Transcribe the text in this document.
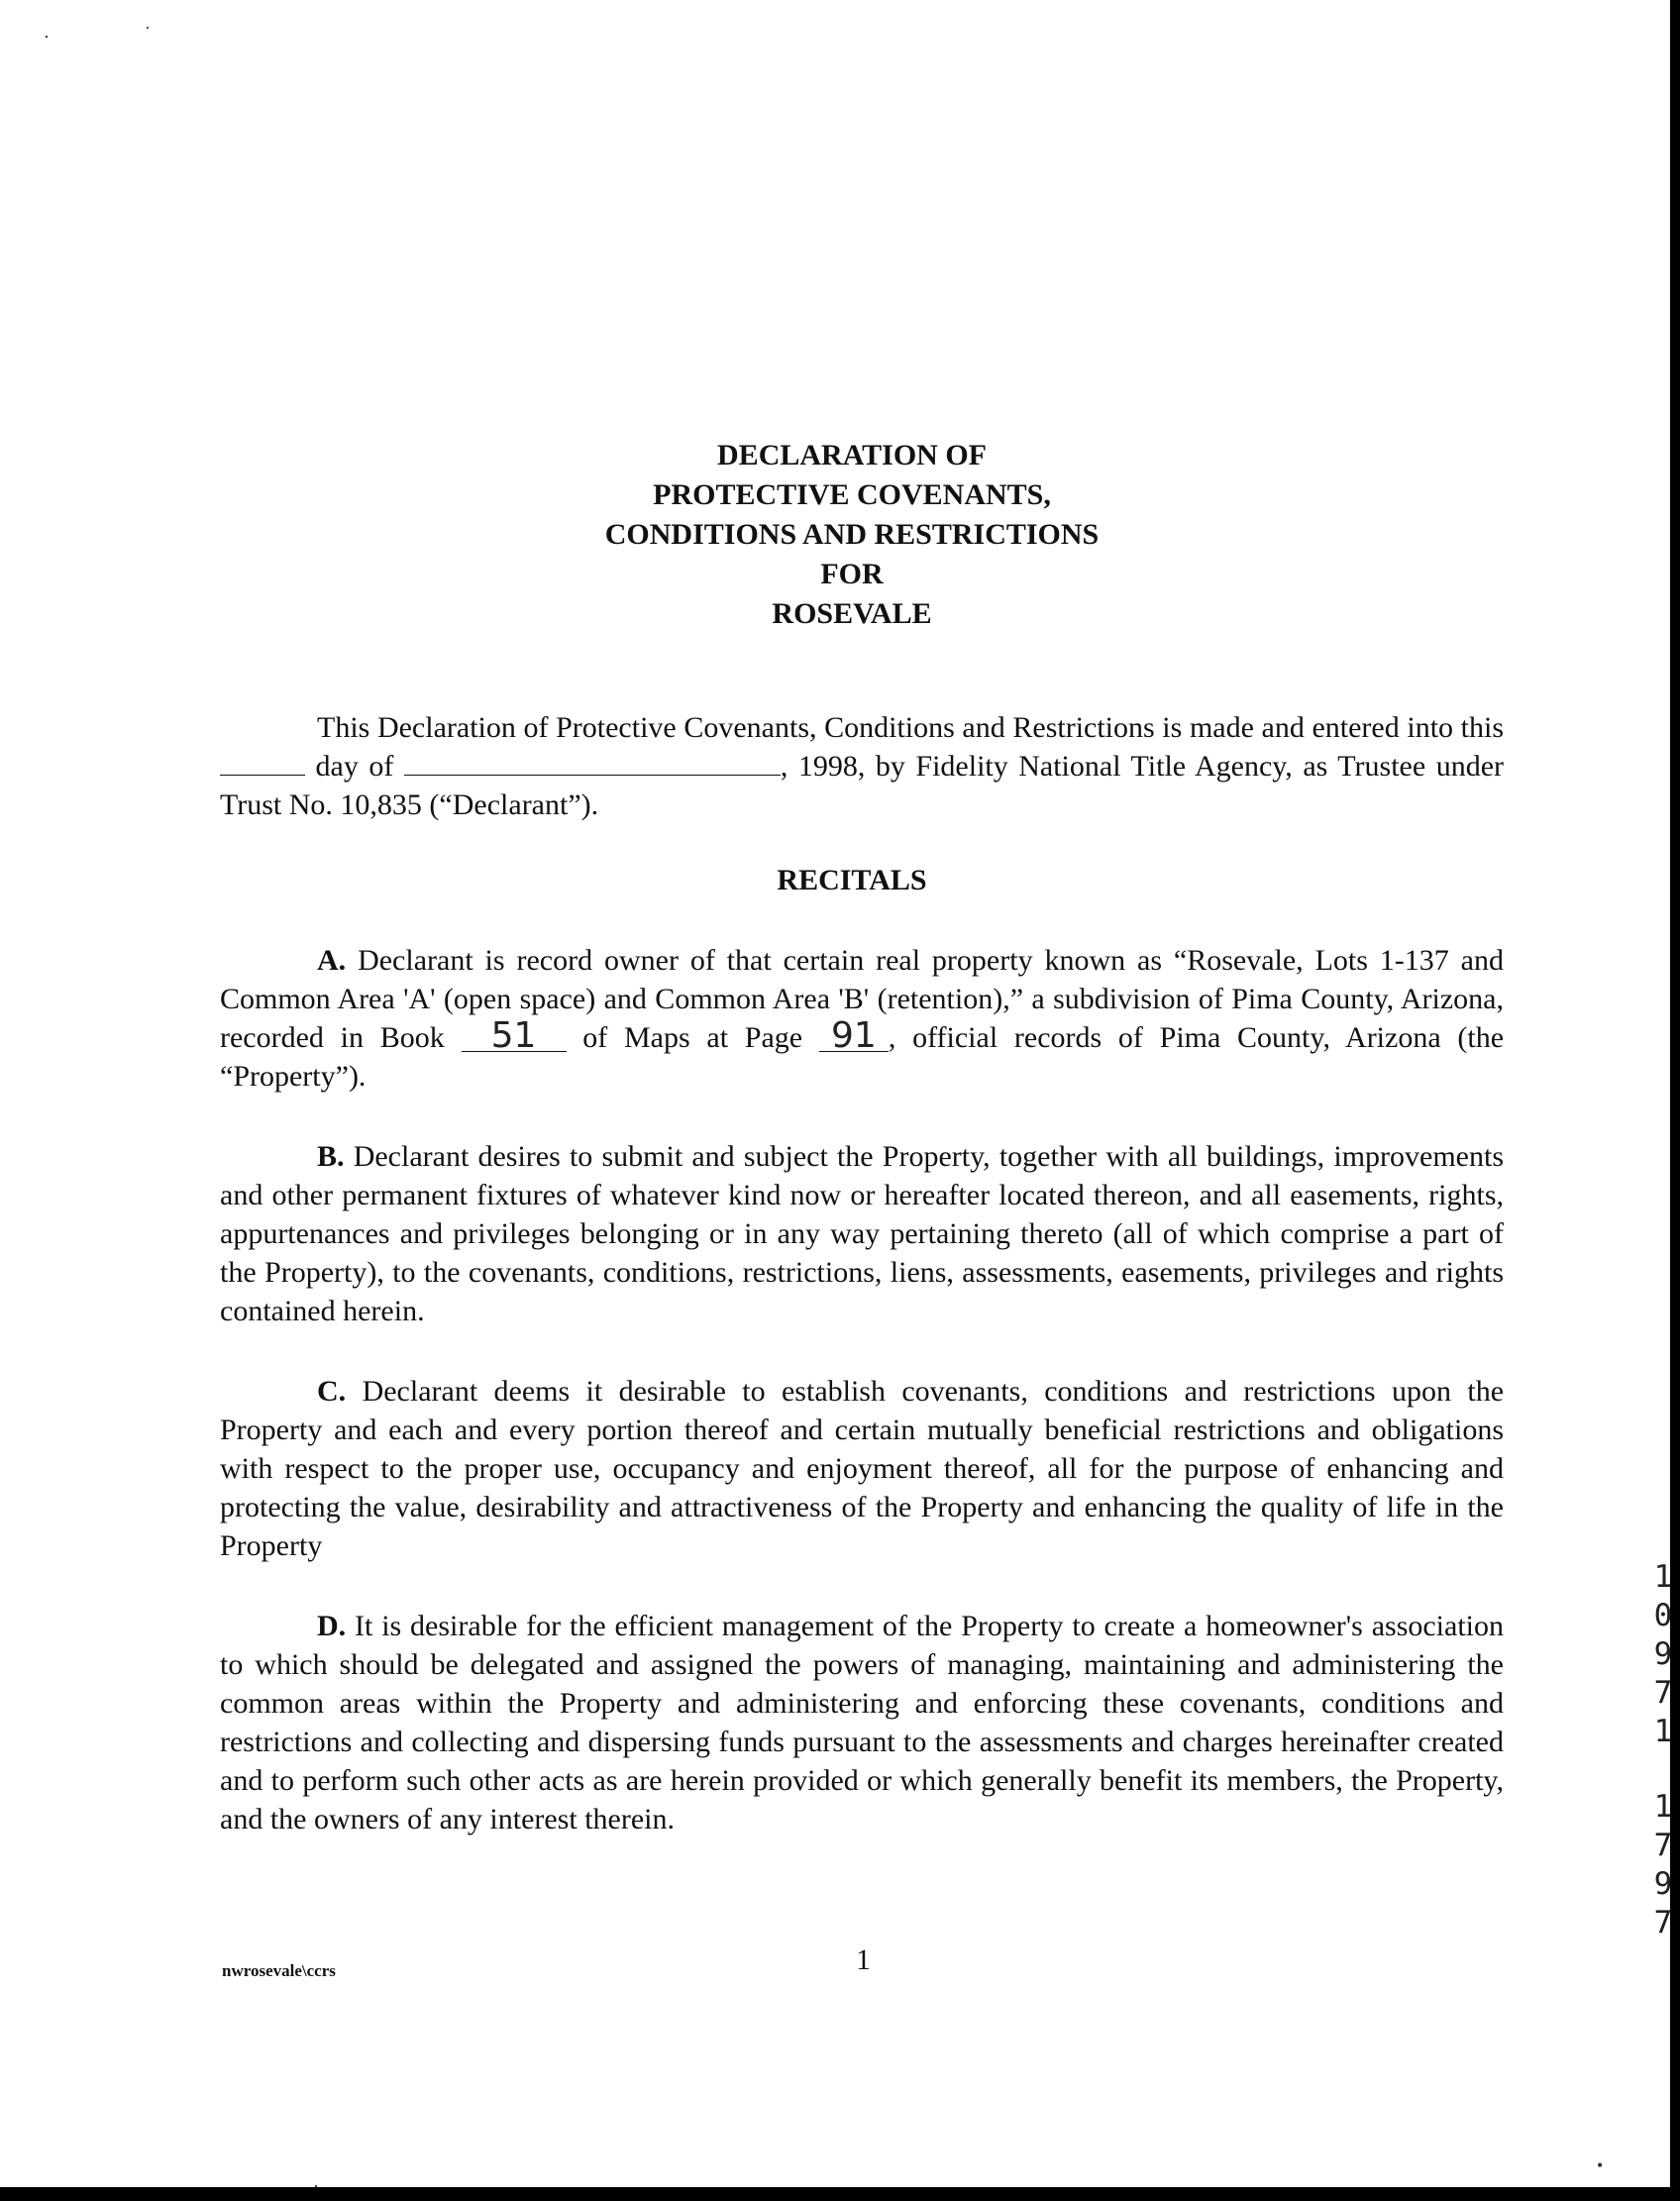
․	·
․
•
DECLARATION OF
PROTECTIVE COVENANTS,
CONDITIONS AND RESTRICTIONS
FOR
ROSEVALE
This Declaration of Protective Covenants, Conditions and Restrictions is made and entered into this  day of	, 1998, by Fidelity National Title Agency, as Trustee under Trust No. 10,835 (“Declarant”).
RECITALS
A. Declarant is record owner of that certain real property known as “Rosevale, Lots 1-137 and Common Area 'A' (open space) and Common Area 'B' (retention),” a subdivision of Pima County, Arizona, recorded in Book 51 of Maps at Page 91 , official records of Pima County, Arizona (the “Property”).
B. Declarant desires to submit and subject the Property, together with all buildings, improvements and other permanent fixtures of whatever kind now or hereafter located thereon, and all easements, rights, appurtenances and privileges belonging or in any way pertaining thereto (all of which comprise a part of the Property), to the covenants, conditions, restrictions, liens, assessments, easements, privileges and rights contained herein.
C. Declarant deems it desirable to establish covenants, conditions and restrictions upon the Property and each and every portion thereof and certain mutually beneficial restrictions and obligations with respect to the proper use, occupancy and enjoyment thereof, all for the purpose of enhancing and protecting the value, desirability and attractiveness of the Property and enhancing the quality of life in the Property
D. It is desirable for the efficient management of the Property to create a homeowner's association to which should be delegated and assigned the powers of managing, maintaining and administering the common areas within the Property and administering and enforcing these covenants, conditions and restrictions and collecting and dispersing funds pursuant to the assessments and charges hereinafter created and to perform such other acts as are herein provided or which generally benefit its members, the Property, and the owners of any interest therein.
1
0
9
7
1
1
7
9
7
nwrosevale\ccrs	1
